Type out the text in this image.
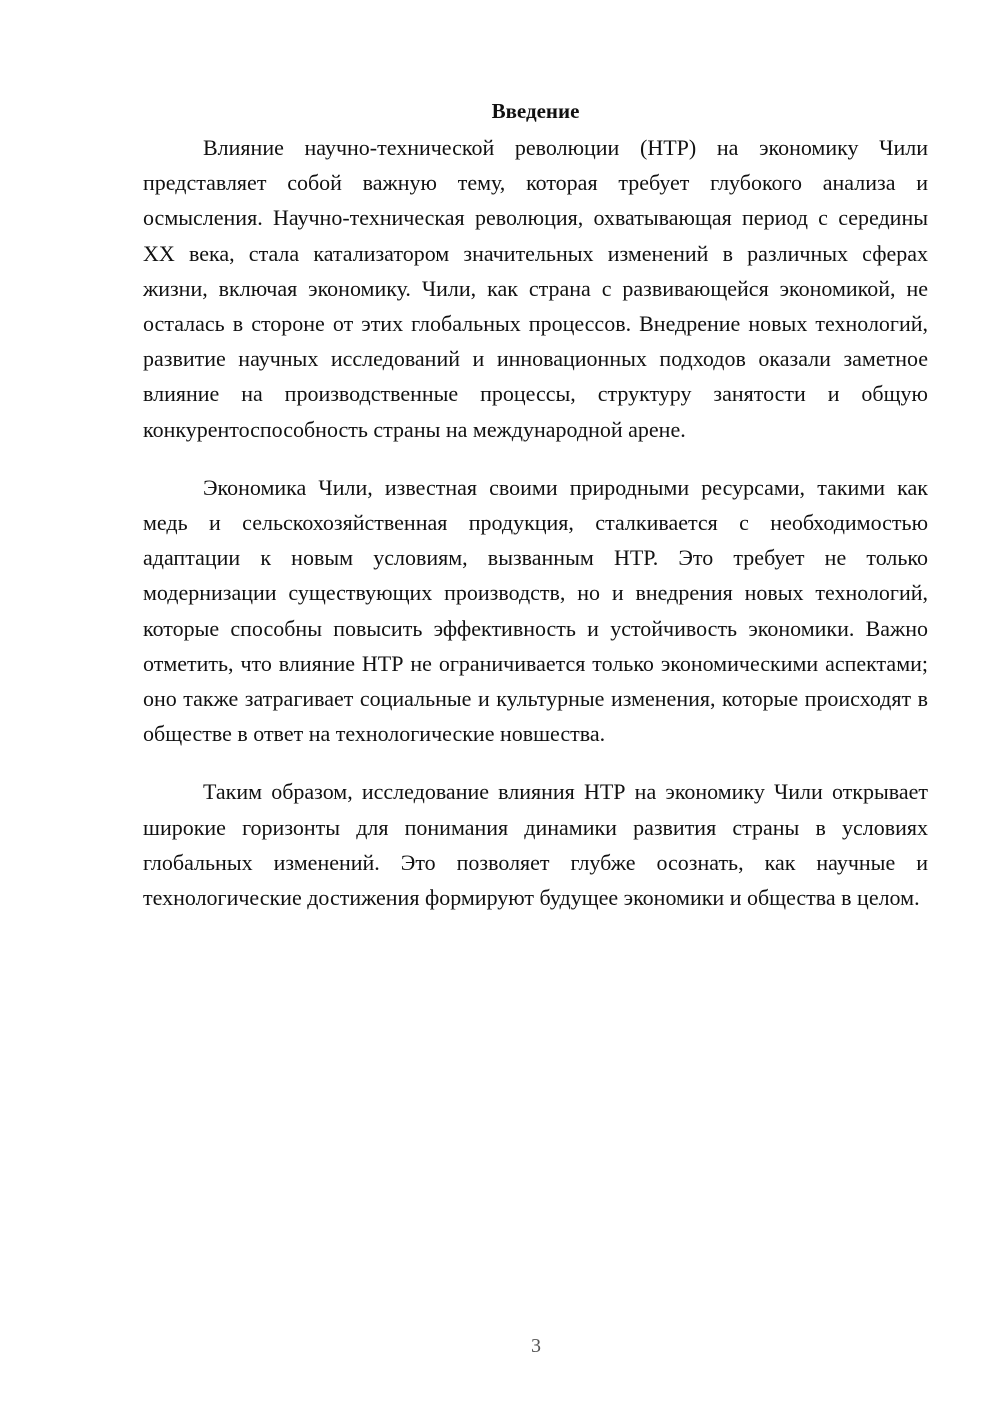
Введение

Влияние научно-технической революции (НТР) на экономику Чили представляет собой важную тему, которая требует глубокого анализа и осмысления. Научно-техническая революция, охватывающая период с середины XX века, стала катализатором значительных изменений в различных сферах жизни, включая экономику. Чили, как страна с развивающейся экономикой, не осталась в стороне от этих глобальных процессов. Внедрение новых технологий, развитие научных исследований и инновационных подходов оказали заметное влияние на производственные процессы, структуру занятости и общую конкурентоспособность страны на международной арене.

Экономика Чили, известная своими природными ресурсами, такими как медь и сельскохозяйственная продукция, сталкивается с необходимостью адаптации к новым условиям, вызванным НТР. Это требует не только модернизации существующих производств, но и внедрения новых технологий, которые способны повысить эффективность и устойчивость экономики. Важно отметить, что влияние НТР не ограничивается только экономическими аспектами; оно также затрагивает социальные и культурные изменения, которые происходят в обществе в ответ на технологические новшества.

Таким образом, исследование влияния НТР на экономику Чили открывает широкие горизонты для понимания динамики развития страны в условиях глобальных изменений. Это позволяет глубже осознать, как научные и технологические достижения формируют будущее экономики и общества в целом.

3
